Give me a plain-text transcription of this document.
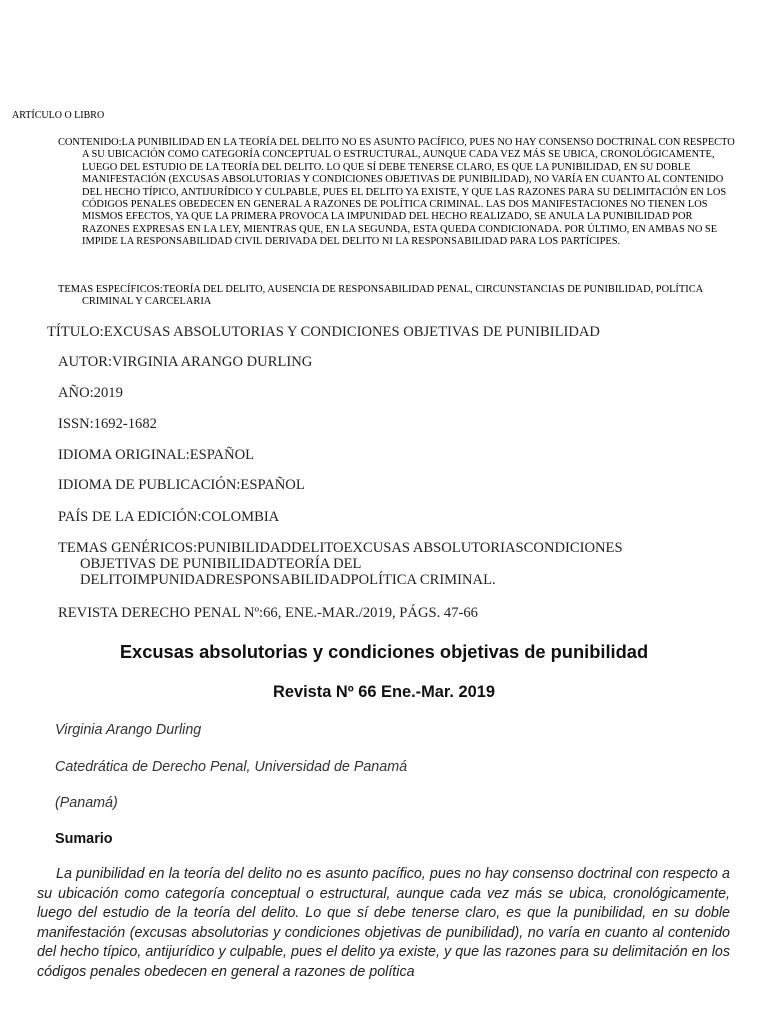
ARTÍCULO O LIBRO
CONTENIDO:LA PUNIBILIDAD EN LA TEORÍA DEL DELITO NO ES ASUNTO PACÍFICO, PUES NO HAY CONSENSO DOCTRINAL CON RESPECTO A SU UBICACIÓN COMO CATEGORÍA CONCEPTUAL O ESTRUCTURAL, AUNQUE CADA VEZ MÁS SE UBICA, CRONOLÓGICAMENTE, LUEGO DEL ESTUDIO DE LA TEORÍA DEL DELITO. LO QUE SÍ DEBE TENERSE CLARO, ES QUE LA PUNIBILIDAD, EN SU DOBLE MANIFESTACIÓN (EXCUSAS ABSOLUTORIAS Y CONDICIONES OBJETIVAS DE PUNIBILIDAD), NO VARÍA EN CUANTO AL CONTENIDO DEL HECHO TÍPICO, ANTIJURÍDICO Y CULPABLE, PUES EL DELITO YA EXISTE, Y QUE LAS RAZONES PARA SU DELIMITACIÓN EN LOS CÓDIGOS PENALES OBEDECEN EN GENERAL A RAZONES DE POLÍTICA CRIMINAL. LAS DOS MANIFESTACIONES NO TIENEN LOS MISMOS EFECTOS, YA QUE LA PRIMERA PROVOCA LA IMPUNIDAD DEL HECHO REALIZADO, SE ANULA LA PUNIBILIDAD POR RAZONES EXPRESAS EN LA LEY, MIENTRAS QUE, EN LA SEGUNDA, ESTA QUEDA CONDICIONADA. POR ÚLTIMO, EN AMBAS NO SE IMPIDE LA RESPONSABILIDAD CIVIL DERIVADA DEL DELITO NI LA RESPONSABILIDAD PARA LOS PARTÍCIPES.
TEMAS ESPECÍFICOS:TEORÍA DEL DELITO, AUSENCIA DE RESPONSABILIDAD PENAL, CIRCUNSTANCIAS DE PUNIBILIDAD, POLÍTICA CRIMINAL Y CARCELARIA
TÍTULO:EXCUSAS ABSOLUTORIAS Y CONDICIONES OBJETIVAS DE PUNIBILIDAD
AUTOR:VIRGINIA ARANGO DURLING
AÑO:2019
ISSN:1692-1682
IDIOMA ORIGINAL:ESPAÑOL
IDIOMA DE PUBLICACIÓN:ESPAÑOL
PAÍS DE LA EDICIÓN:COLOMBIA
TEMAS GENÉRICOS:PUNIBILIDADDELITOEXCUSAS ABSOLUTORIASCONDICIONES OBJETIVAS DE PUNIBILIDADTEORÍA DEL DELITOIMPUNIDADRESPONSABILIDADPOLÍTICA CRIMINAL.
REVISTA DERECHO PENAL Nº:66, ENE.-MAR./2019, PÁGS. 47-66
Excusas absolutorias y condiciones objetivas de punibilidad
Revista Nº 66 Ene.-Mar. 2019
Virginia Arango Durling
Catedrática de Derecho Penal, Universidad de Panamá
(Panamá)
Sumario
La punibilidad en la teoría del delito no es asunto pacífico, pues no hay consenso doctrinal con respecto a su ubicación como categoría conceptual o estructural, aunque cada vez más se ubica, cronológicamente, luego del estudio de la teoría del delito. Lo que sí debe tenerse claro, es que la punibilidad, en su doble manifestación (excusas absolutorias y condiciones objetivas de punibilidad), no varía en cuanto al contenido del hecho típico, antijurídico y culpable, pues el delito ya existe, y que las razones para su delimitación en los códigos penales obedecen en general a razones de política
